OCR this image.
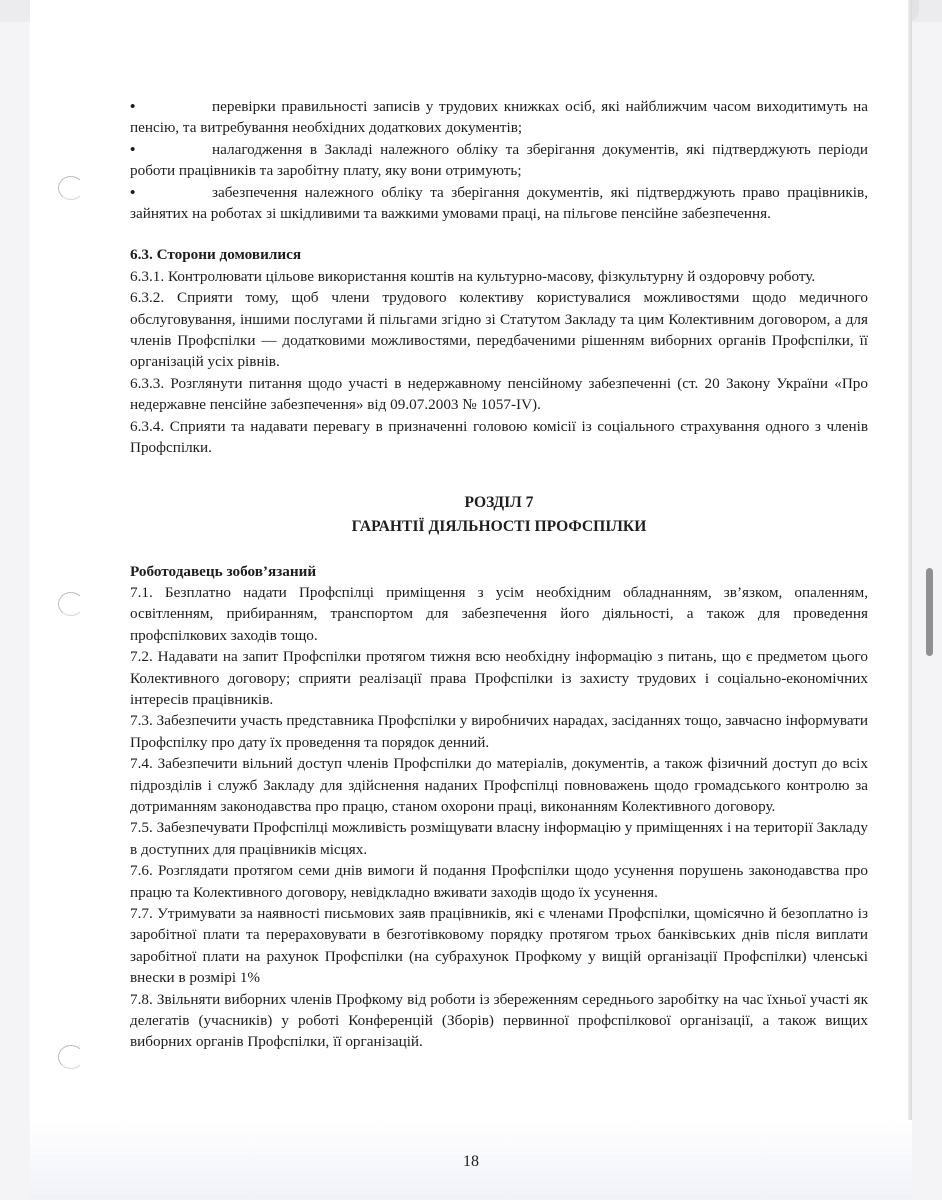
•	перевірки правильності записів у трудових книжках осіб, які найближчим часом виходитимуть на пенсію, та витребування необхідних додаткових документів;

•	налагодження в Закладі належного обліку та зберігання документів, які підтверджують періоди роботи працівників та заробітну плату, яку вони отримують;

•	забезпечення належного обліку та зберігання документів, які підтверджують право працівників, зайнятих на роботах зі шкідливими та важкими умовами праці, на пільгове пенсійне забезпечення.

6.3. Сторони домовилися

6.3.1. Контролювати цільове використання коштів на культурно-масову, фізкультурну й оздоровчу роботу.

6.3.2. Сприяти тому, щоб члени трудового колективу користувалися можливостями щодо медичного обслуговування, іншими послугами й пільгами згідно зі Статутом Закладу та цим Колективним договором, а для членів Профспілки — додатковими можливостями, передбаченими рішенням виборних органів Профспілки, її організацій усіх рівнів.

6.3.3. Розглянути питання щодо участі в недержавному пенсійному забезпеченні (ст. 20 Закону України «Про недержавне пенсійне забезпечення» від 09.07.2003 № 1057-IV).

6.3.4. Сприяти та надавати перевагу в призначенні головою комісії із соціального страхування одного з членів Профспілки.

РОЗДІЛ 7
ГАРАНТІЇ ДІЯЛЬНОСТІ ПРОФСПІЛКИ

Роботодавець зобов’язаний

7.1. Безплатно надати Профспілці приміщення з усім необхідним обладнанням, зв’язком, опаленням, освітленням, прибиранням, транспортом для забезпечення його діяльності, а також для проведення профспілкових заходів тощо.

7.2. Надавати на запит Профспілки протягом тижня всю необхідну інформацію з питань, що є предметом цього Колективного договору; сприяти реалізації права Профспілки із захисту трудових і соціально-економічних інтересів працівників.

7.3. Забезпечити участь представника Профспілки у виробничих нарадах, засіданнях тощо, завчасно інформувати Профспілку про дату їх проведення та порядок денний.

7.4. Забезпечити вільний доступ членів Профспілки до матеріалів, документів, а також фізичний доступ до всіх підрозділів і служб Закладу для здійснення наданих Профспілці повноважень щодо громадського контролю за дотриманням законодавства про працю, станом охорони праці, виконанням Колективного договору.

7.5. Забезпечувати Профспілці можливість розміщувати власну інформацію у приміщеннях і на території Закладу в доступних для працівників місцях.

7.6. Розглядати протягом семи днів вимоги й подання Профспілки щодо усунення порушень законодавства про працю та Колективного договору, невідкладно вживати заходів щодо їх усунення.

7.7. Утримувати за наявності письмових заяв працівників, які є членами Профспілки, щомісячно й безоплатно із заробітної плати та перераховувати в безготівковому порядку протягом трьох банківських днів після виплати заробітної плати на рахунок Профспілки (на субрахунок Профкому у вищій організації Профспілки) членські внески в розмірі 1%

7.8. Звільняти виборних членів Профкому від роботи із збереженням середнього заробітку на час їхньої участі як делегатів (учасників) у роботі Конференцій (Зборів) первинної профспілкової організації, а також вищих виборних органів Профспілки, її організацій.

18
